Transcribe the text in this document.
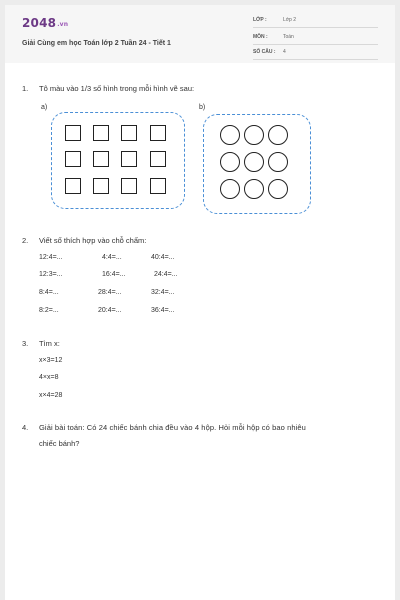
2048.vn
Giải Cùng em học Toán lớp 2 Tuần 24 - Tiết 1
LỚP :	Lớp 2
MÔN :	Toán
SỐ CÂU : 4
1. Tô màu vào 1/3 số hình trong mỗi hình vẽ sau:
a)	b)
2. Viết số thích hợp vào chỗ chấm:
12:4=...	4:4=...	40:4=...
12:3=...	16:4=...	24:4=...
8:4=...	28:4=...	32:4=...
8:2=...	20:4=...	36:4=...
3. Tìm x:
x×3=12
4×x=8
x×4=28
4. Giải bài toán: Có 24 chiếc bánh chia đều vào 4 hộp. Hỏi mỗi hộp có bao nhiêu
chiếc bánh?
